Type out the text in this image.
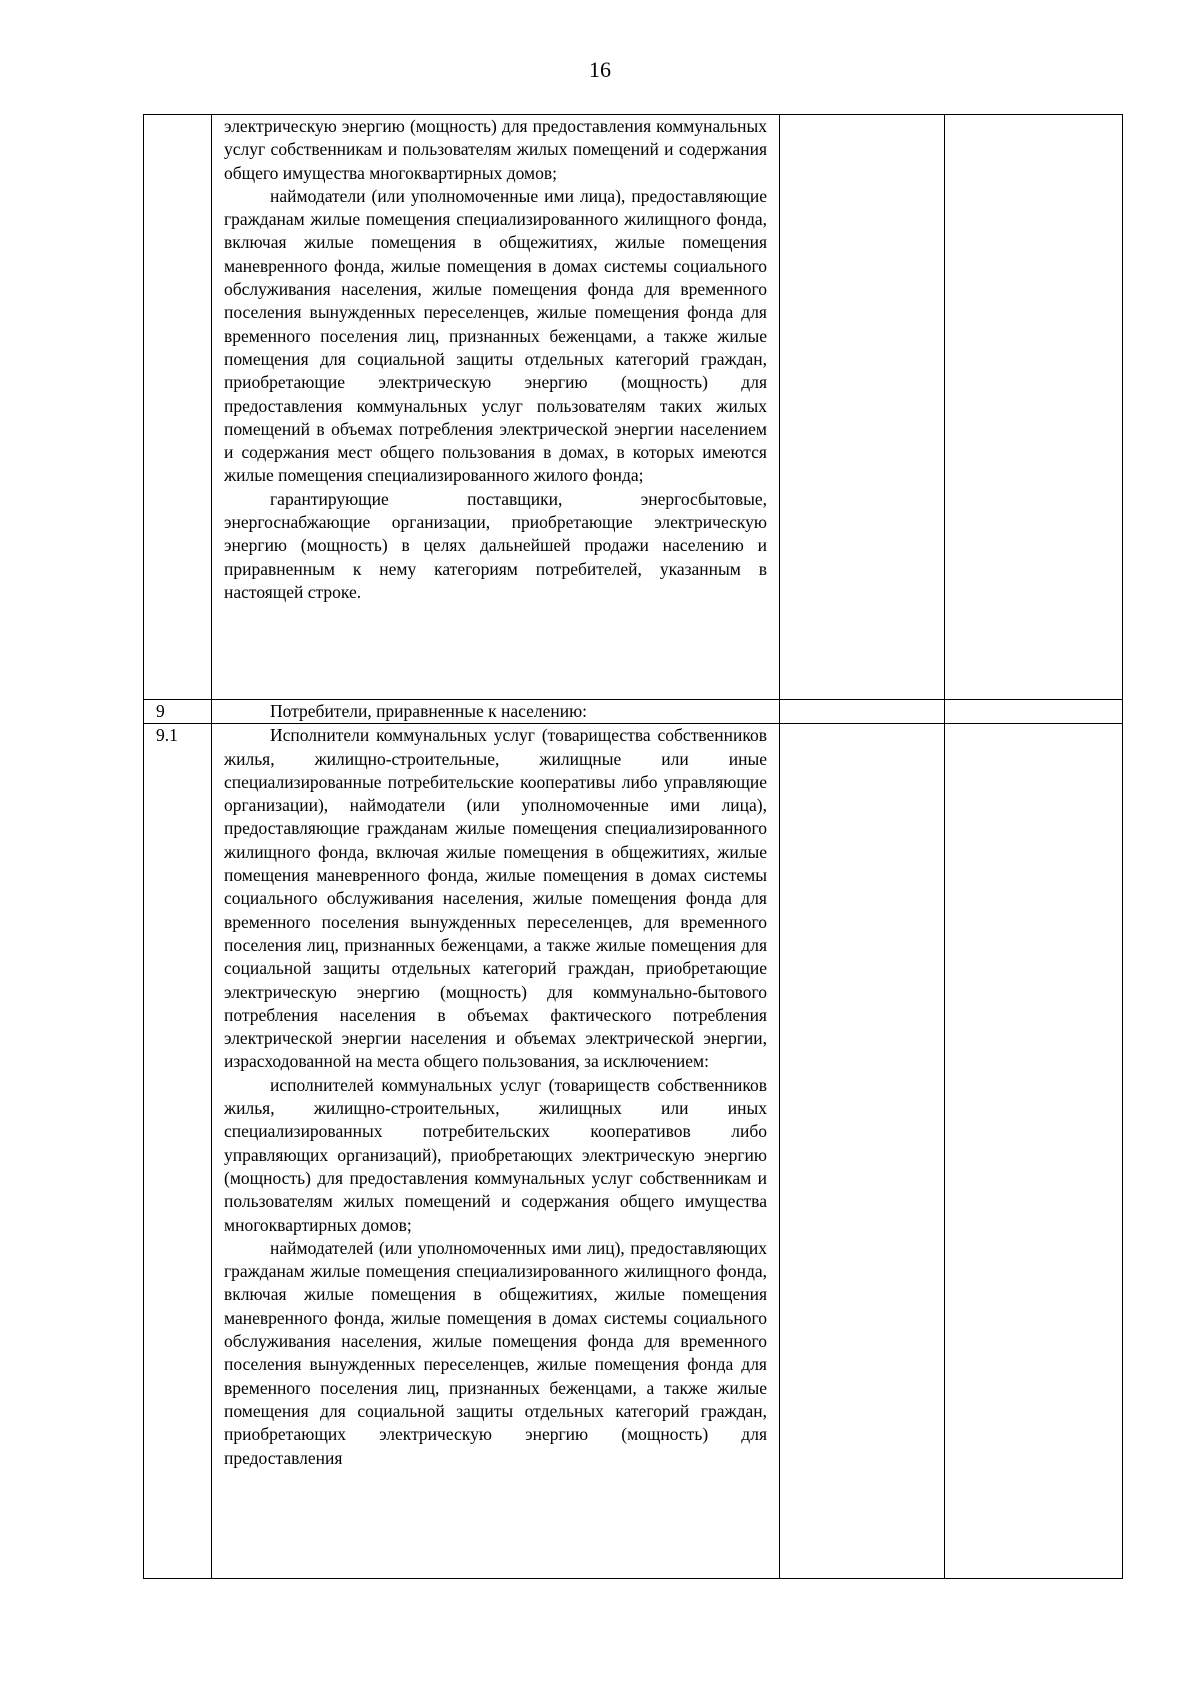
16

	электрическую энергию (мощность) для предоставления коммунальных услуг собственникам и пользователям жилых помещений и содержания общего имущества многоквартирных домов;

наймодатели (или уполномоченные ими лица), предоставляющие гражданам жилые помещения специализированного жилищного фонда, включая жилые помещения в общежитиях, жилые помещения маневренного фонда, жилые помещения в домах системы социального обслуживания населения, жилые помещения фонда для временного поселения вынужденных переселенцев, жилые помещения фонда для временного поселения лиц, признанных беженцами, а также жилые помещения для социальной защиты отдельных категорий граждан, приобретающие электрическую энергию (мощность) для предоставления коммунальных услуг пользователям таких жилых помещений в объемах потребления электрической энергии населением и содержания мест общего пользования в домах, в которых имеются жилые помещения специализированного жилого фонда;

гарантирующие поставщики, энергосбытовые, энергоснабжающие организации, приобретающие электрическую энергию (мощность) в целях дальнейшей продажи населению и приравненным к нему категориям потребителей, указанным в настоящей строке.		

9	Потребители, приравненные к населению:		

9.1	Исполнители коммунальных услуг (товарищества собственников жилья, жилищно-строительные, жилищные или иные специализированные потребительские кооперативы либо управляющие организации), наймодатели (или уполномоченные ими лица), предоставляющие гражданам жилые помещения специализированного жилищного фонда, включая жилые помещения в общежитиях, жилые помещения маневренного фонда, жилые помещения в домах системы социального обслуживания населения, жилые помещения фонда для временного поселения вынужденных переселенцев, для временного поселения лиц, признанных беженцами, а также жилые помещения для социальной защиты отдельных категорий граждан, приобретающие электрическую энергию (мощность) для коммунально-бытового потребления населения в объемах фактического потребления электрической энергии населения и объемах электрической энергии, израсходованной на места общего пользования, за исключением:

исполнителей коммунальных услуг (товариществ собственников жилья, жилищно-строительных, жилищных или иных специализированных потребительских кооперативов либо управляющих организаций), приобретающих электрическую энергию (мощность) для предоставления коммунальных услуг собственникам и пользователям жилых помещений и содержания общего имущества многоквартирных домов;

наймодателей (или уполномоченных ими лиц), предоставляющих гражданам жилые помещения специализированного жилищного фонда, включая жилые помещения в общежитиях, жилые помещения маневренного фонда, жилые помещения в домах системы социального обслуживания населения, жилые помещения фонда для временного поселения вынужденных переселенцев, жилые помещения фонда для временного поселения лиц, признанных беженцами, а также жилые помещения для социальной защиты отдельных категорий граждан, приобретающих электрическую энергию (мощность) для предоставления		
